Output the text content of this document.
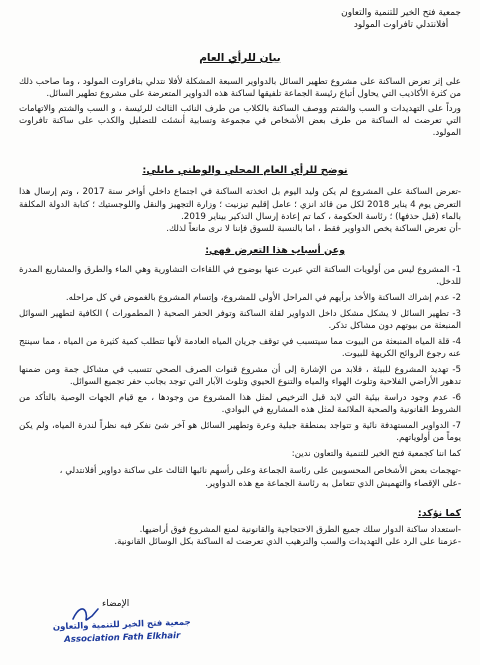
جمعية فتح الخير للتنمية والتعاون
أفلانتدلي تافراوت المولود
بيان للرأي العام

على إثر تعرض الساكنة على مشروع تطهير السائل بالدواوير السبعة المشكلة لأفلا نتدلي بتافراوت المولود ، وما صاحب ذلك من كثرة الأكاذيب التي يحاول أتباع رئيسة الجماعة تلفيقها لساكنة هذه الدواوير المتعرضة على مشروع تطهير السائل.

ورداً على التهديدات و السب والشتم ووصف الساكنة بالكلاب من طرف النائب الثالث للرئيسة ، و السب والشتم والاتهامات التي تعرضت له الساكنة من طرف بعض الأشخاص في مجموعة وتسابية أنشئت للتضليل والكذب على ساكنة تافراوت المولود.

نوضح للرأي العام المحلي والوطني مايلي:

-تعرض الساكنة على المشروع لم يكن وليد اليوم بل اتخذته الساكنة في اجتماع داخلي أواخر سنة 2017 ، وتم إرسال هذا التعرض يوم 4 يناير 2018 لكل من قائد انزي ؛ عامل إقليم تيزنيت ؛ وزارة التجهيز والنقل واللوجستيك ؛ كتابة الدولة المكلفة بالماء (قبل حذفها) ؛ رئاسة الحكومة ، كما تم إعادة إرسال التذكير بيناير 2019.

-أن تعرض الساكنة يخص الدواوير فقط ، اما بالنسبة للسوق فإننا لا نرى مانعاً لذلك.

وعن أسباب هذا التعرض فهي:

1- المشروع ليس من أولويات الساكنة التي عبرت عنها بوضوح في اللقاءات التشاورية وهي الماء والطرق والمشاريع المدرة للدخل.

2- عدم إشراك الساكنة والأخذ برأيهم في المراحل الأولى للمشروع، وإتسام المشروع بالغموض في كل مراحله.

3- تطهير السائل لا يشكل مشكل داخل الدواوير لقلة الساكنة وتوفر الحفر الصحية ( المطمورات ) الكافية لتطهير السوائل المنبعثة من بيوتهم دون مشاكل تذكر.

4- قلة المياه المنبعثة من البيوت مما سيتسبب في توقف جريان المياه العادمة لأنها تتطلب كمية كثيرة من المياه ، مما سينتج عنه رجوع الروائح الكريهة للبيوت.

5- تهديد المشروع للبيئة ، فلابد من الإشارة إلى أن مشروع قنوات الصرف الصحي تتسبب في مشاكل جمة ومن ضمنها تدهور الأراضي الفلاحية وتلوث الهواء والمياه والتنوع الحيوي وتلوث الآبار التي توجد بجانب حفر تجميع السوائل.

6- عدم وجود دراسة بيئية التي لابد قبل الترخيص لمثل هذا المشروع من وجودها ، مع قيام الجهات الوصية بالتأكد من الشروط القانونية والصحية الملائمة لمثل هذه المشاريع في البوادي.

7- الدواوير المستهدفة نائية و تتواجد بمنطقة جبلية وعرة وتطهير السائل هو آخر شئ نفكر فيه نظراً لندرة المياه، ولم يكن يوماً من أولوياتهم.

كما اننا كجمعية فتح الخير للتنمية والتعاون ندين:

-تهجمات بعض الأشخاص المحسوبين على رئاسة الجماعة وعلى رأسهم نائبها الثالث على ساكنة دواوير أفلانتدلي ،

-على الإقصاء والتهميش الذي تتعامل به رئاسة الجماعة مع هذه الدواوير.

كما نؤكد:

-استعداد ساكنة الدوار سلك جميع الطرق الاحتجاجية والقانونية لمنع المشروع فوق أراضيها.

-عزمنا على الرد على التهديدات والسب والترهيب الذي تعرضت له الساكنة بكل الوسائل القانونية.

الإمضاء
جمعية فتح الخير للتنمية والتعاون
Association Fath Elkhair
